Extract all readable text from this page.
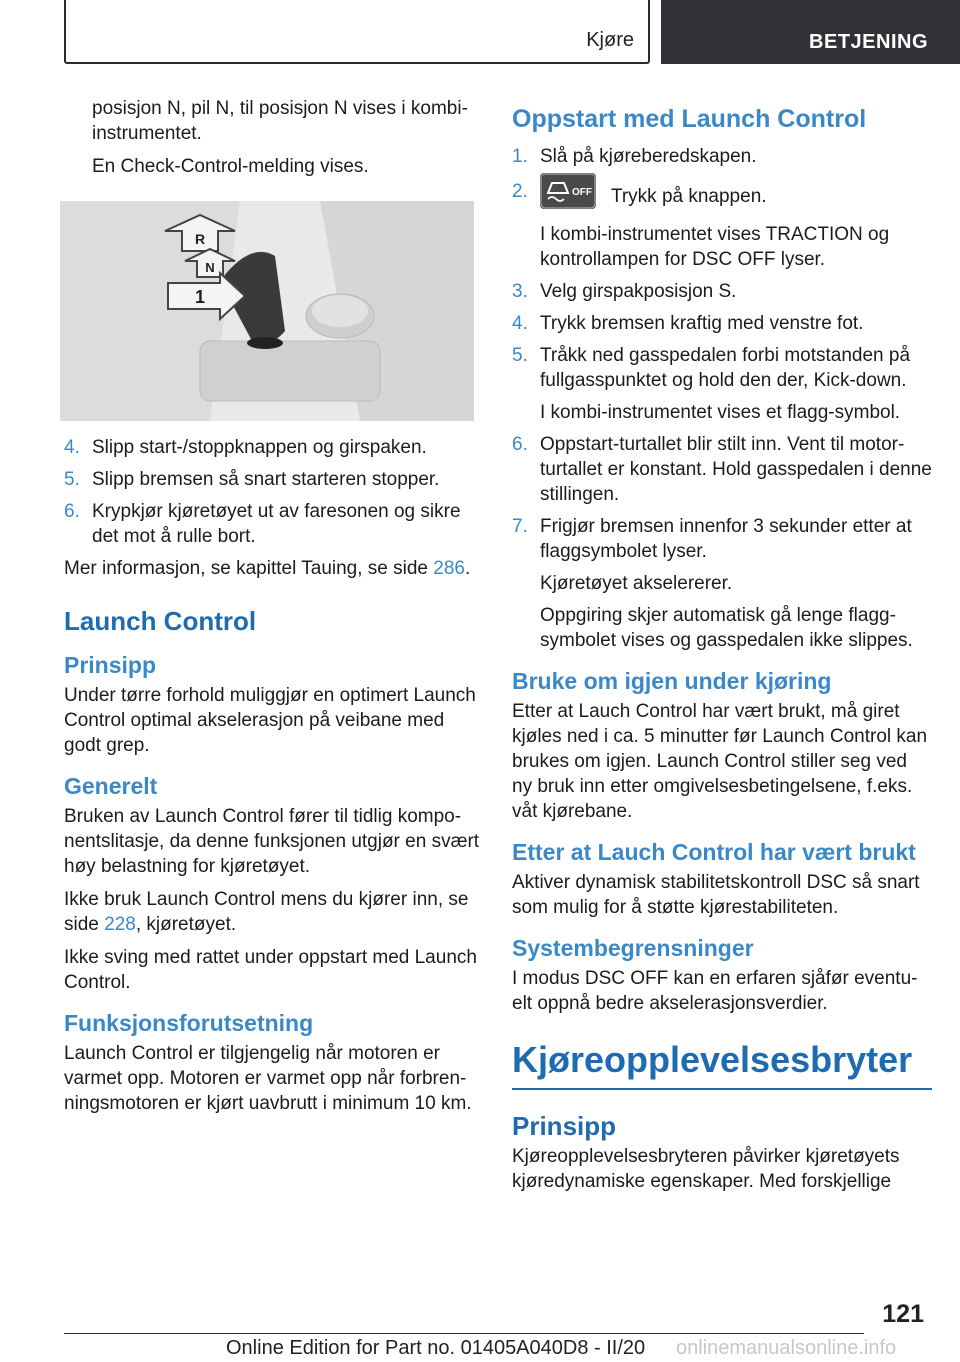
Kjøre	BETJENING

posisjon N, pil N, til posisjon N vises i kombi-instrumentet.

En Check-Control-melding vises.

R
N
1
4. Slipp start-/stoppknappen og girspaken.
5. Slipp bremsen så snart starteren stopper.
6. Krypkjør kjøretøyet ut av faresonen og sikre det mot å rulle bort.

Mer informasjon, se kapittel Tauing, se side 286.

Launch Control
Prinsipp

Under tørre forhold muliggjør en optimert Launch Control optimal akselerasjon på veibane med godt grep.

Generelt

Bruken av Launch Control fører til tidlig kompo-nentslitasje, da denne funksjonen utgjør en svært høy belastning for kjøretøyet.

Ikke bruk Launch Control mens du kjører inn, se side 228, kjøretøyet.

Ikke sving med rattet under oppstart med Launch Control.

Funksjonsforutsetning

Launch Control er tilgjengelig når motoren er varmet opp. Motoren er varmet opp når forbren-ningsmotoren er kjørt uavbrutt i minimum 10 km.

Oppstart med Launch Control
1. Slå på kjørеberedskapen.
2.	OFF Trykk på knappen.
I kombi-instrumentet vises TRACTION og kontrollampen for DSC OFF lyser.
3. Velg girspakposisjon S.
4. Trykk bremsen kraftig med venstre fot.
5. Tråkk ned gasspedalen forbi motstanden på fullgasspunktet og hold den der, Kick-down.
I kombi-instrumentet vises et flagg-symbol.
6. Oppstart-turtallet blir stilt inn. Vent til motor-turtallet er konstant. Hold gasspedalen i denne stillingen.
7. Frigjør bremsen innenfor 3 sekunder etter at flaggsymbolet lyser.
Kjøretøyet akselererer.
Oppgiring skjer automatisk gå lenge flagg-symbolet vises og gasspedalen ikke slippes.
Bruke om igjen under kjøring

Etter at Lauch Control har vært brukt, må giret kjøles ned i ca. 5 minutter før Launch Control kan brukes om igjen. Launch Control stiller seg ved ny bruk inn etter omgivelsesbetingelsene, f.eks. våt kjørebane.

Etter at Lauch Control har vært brukt

Aktiver dynamisk stabilitetskontroll DSC så snart som mulig for å støtte kjørestabiliteten.

Systembegrensninger

I modus DSC OFF kan en erfaren sjåfør eventu-elt oppnå bedre akselerasjonsverdier.

Kjøreopplevelsesbryter
Prinsipp

Kjøreopplevelsesbryteren påvirker kjøretøyets kjøredynamiske egenskaper. Med forskjellige

121
Online Edition for Part no. 01405A040D8 - II/20 onlinemanualsonline.info
